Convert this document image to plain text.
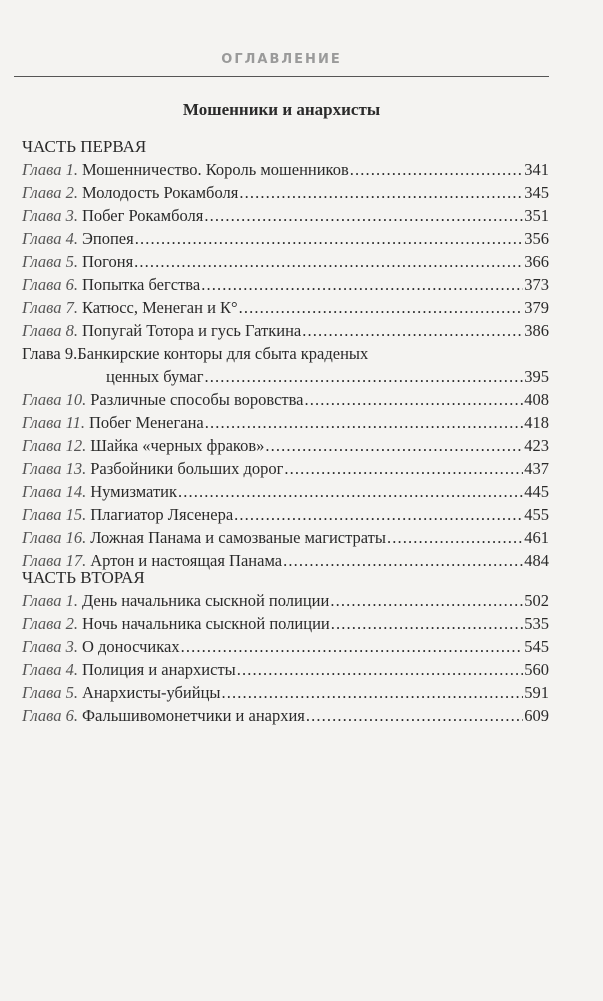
ОГЛАВЛЕНИЕ
Мошенники и анархисты
ЧАСТЬ ПЕРВАЯ
Глава 1. Мошенничество. Король мошенников . . .	341
Глава 2. Молодость Рокамболя . . .	345
Глава 3. Побег Рокамболя . . .	351
Глава 4. Эпопея . . .	356
Глава 5. Погоня . . .	366
Глава 6. Попытка бегства . . .	373
Глава 7. Катюсс, Менеган и К° . . .	379
Глава 8. Попугай Тотора и гусь Гаткина . . .	386
Глава 9.Банкирские конторы для сбыта краденых
ценных бумаг . . .	395
Глава 10. Различные способы воровства . . .	408
Глава 11. Побег Менегана . . .	418
Глава 12. Шайка «черных фраков» . . .	423
Глава 13. Разбойники больших дорог . . .	437
Глава 14. Нумизматик . . .	445
Глава 15. Плагиатор Лясенера . . .	455
Глава 16. Ложная Панама и самозваные магистраты . . .	461
Глава 17. Артон и настоящая Панама . . .	484
ЧАСТЬ ВТОРАЯ
Глава 1. День начальника сыскной полиции . . .	502
Глава 2. Ночь начальника сыскной полиции . . .	535
Глава 3. О доносчиках . . .	545
Глава 4. Полиция и анархисты . . .	560
Глава 5. Анархисты-убийцы . . .	591
Глава 6. Фальшивомонетчики и анархия . . .	609
